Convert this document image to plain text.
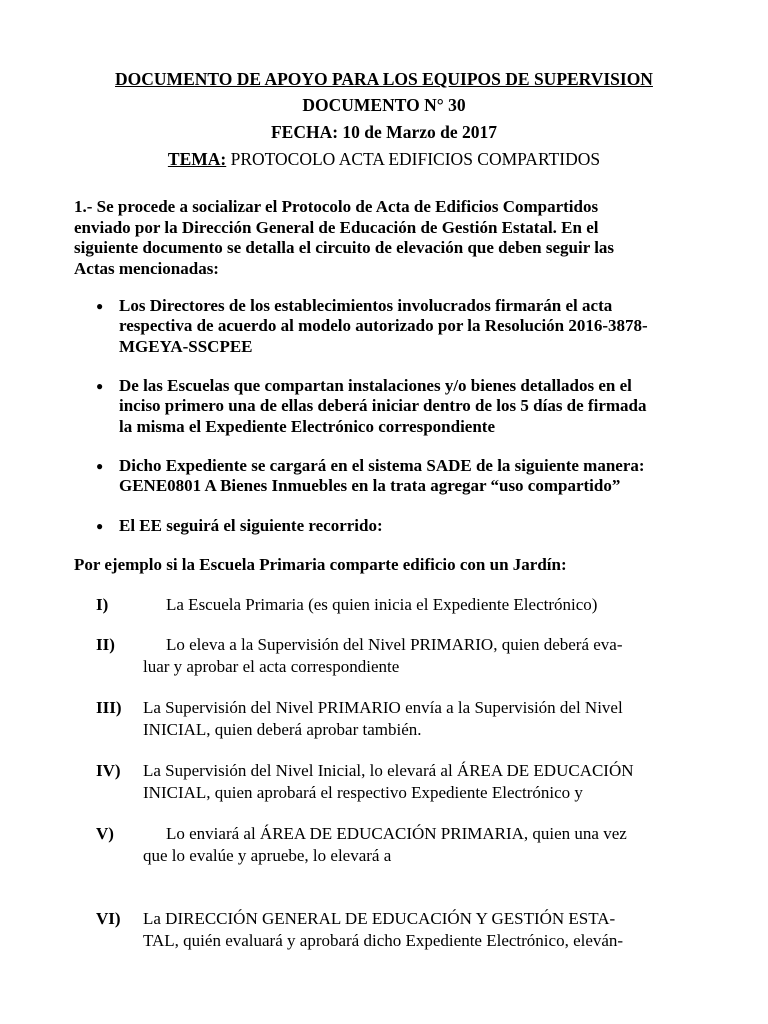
DOCUMENTO DE APOYO PARA LOS EQUIPOS DE SUPERVISION
DOCUMENTO N° 30
FECHA: 10 de Marzo de 2017
TEMA: PROTOCOLO ACTA EDIFICIOS COMPARTIDOS
1.- Se procede a socializar el Protocolo de Acta de Edificios Compartidos
enviado por la Dirección General de Educación de Gestión Estatal. En el
siguiente documento se detalla el circuito de elevación que deben seguir las
Actas mencionadas:
● Los Directores de los establecimientos involucrados firmarán el acta
respectiva de acuerdo al modelo autorizado por la Resolución 2016-3878-
MGEYA-SSCPEE
● De las Escuelas que compartan instalaciones y/o bienes detallados en el
inciso primero una de ellas deberá iniciar dentro de los 5 días de firmada
la misma el Expediente Electrónico correspondiente
● Dicho Expediente se cargará en el sistema SADE de la siguiente manera:
GENE0801 A Bienes Inmuebles en la trata agregar “uso compartido”
● El EE seguirá el siguiente recorrido:
Por ejemplo si la Escuela Primaria comparte edificio con un Jardín:
I)	La Escuela Primaria (es quien inicia el Expediente Electrónico)
II)	Lo eleva a la Supervisión del Nivel PRIMARIO, quien deberá eva-
luar y aprobar el acta correspondiente
III) La Supervisión del Nivel PRIMARIO envía a la Supervisión del Nivel
INICIAL, quien deberá aprobar también.
IV) La Supervisión del Nivel Inicial, lo elevará al ÁREA DE EDUCACIÓN
INICIAL, quien aprobará el respectivo Expediente Electrónico y
V)	Lo enviará al ÁREA DE EDUCACIÓN PRIMARIA, quien una vez
que lo evalúe y apruebe, lo elevará a
VI) La DIRECCIÓN GENERAL DE EDUCACIÓN Y GESTIÓN ESTA-
TAL, quién evaluará y aprobará dicho Expediente Electrónico, eleván-
